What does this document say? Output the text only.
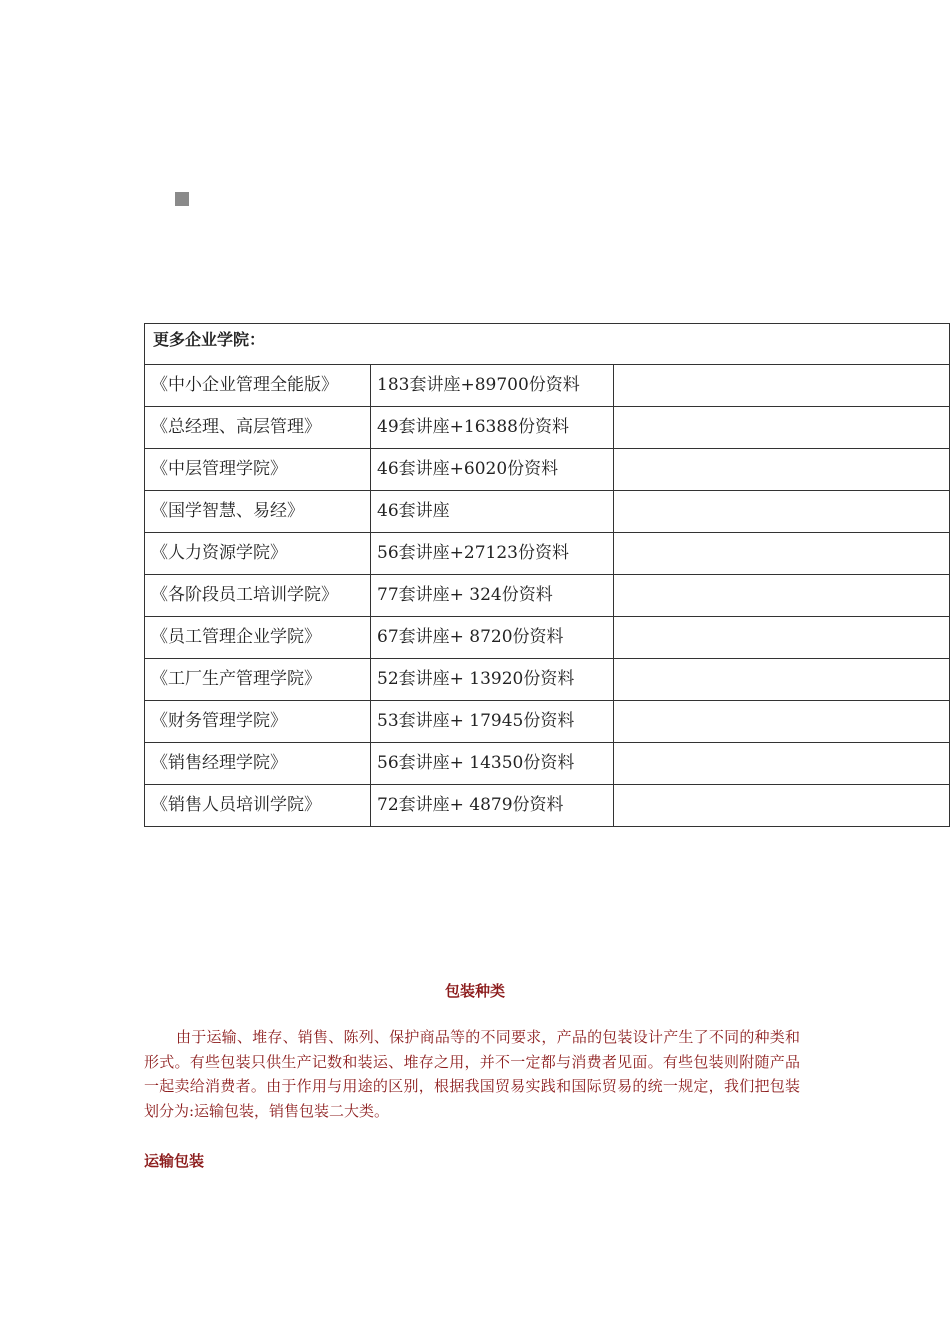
更多企业学院：		
《中小企业管理全能版》	183套讲座+89700份资料	
《总经理、高层管理》	49套讲座+16388份资料	
《中层管理学院》	46套讲座+6020份资料	
《国学智慧、易经》	46套讲座	
《人力资源学院》	56套讲座+27123份资料	
《各阶段员工培训学院》	77套讲座+ 324份资料	
《员工管理企业学院》	67套讲座+ 8720份资料	
《工厂生产管理学院》	52套讲座+ 13920份资料	
《财务管理学院》	53套讲座+ 17945份资料	
《销售经理学院》	56套讲座+ 14350份资料	
《销售人员培训学院》	72套讲座+ 4879份资料	
包装种类

由于运输、堆存、销售、陈列、保护商品等的不同要求，产品的包装设计产生了不同的种类和形式。有些包装只供生产记数和装运、堆存之用，并不一定都与消费者见面。有些包装则附随产品一起卖给消费者。由于作用与用途的区别，根据我国贸易实践和国际贸易的统一规定，我们把包装划分为:运输包装，销售包装二大类。

运输包装
